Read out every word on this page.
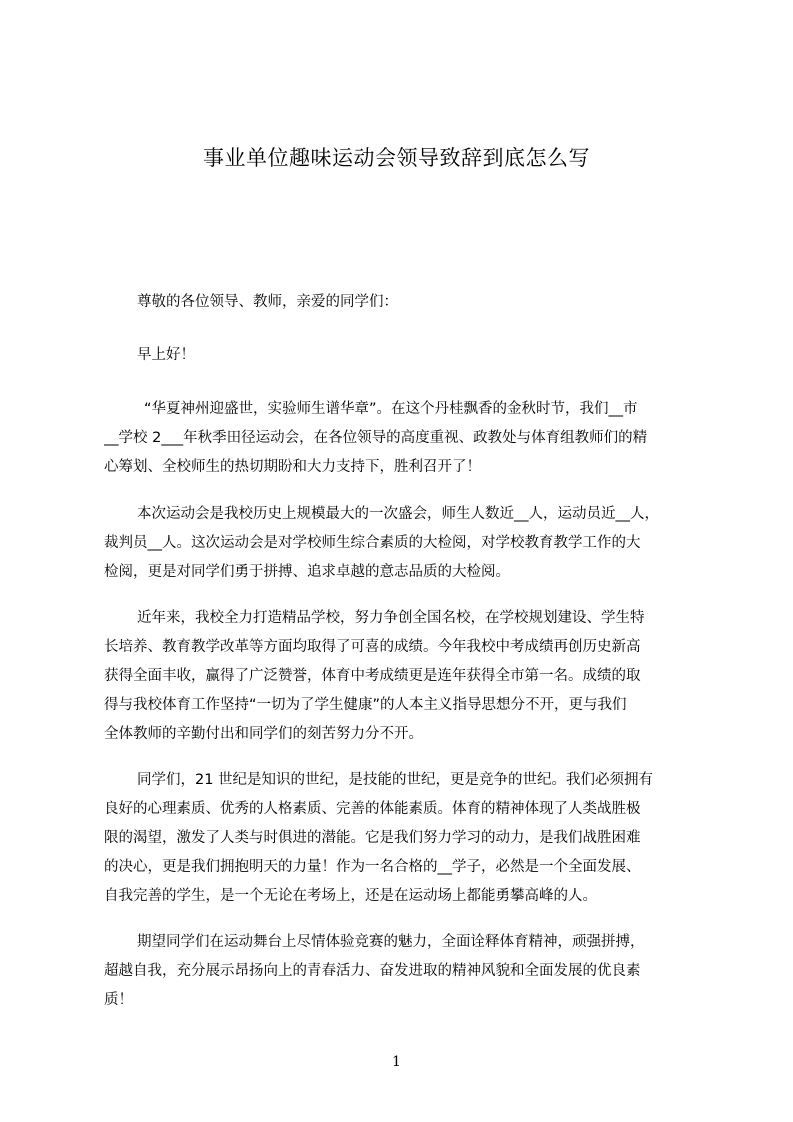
事业单位趣味运动会领导致辞到底怎么写
尊敬的各位领导、教师，亲爱的同学们：
早上好！
“华夏神州迎盛世，实验师生谱华章”。在这个丹桂飘香的金秋时节，我们__市
__学校 2___年秋季田径运动会，在各位领导的高度重视、政教处与体育组教师们的精
心筹划、全校师生的热切期盼和大力支持下，胜利召开了！
本次运动会是我校历史上规模最大的一次盛会，师生人数近__人，运动员近__人，
裁判员__人。这次运动会是对学校师生综合素质的大检阅，对学校教育教学工作的大
检阅，更是对同学们勇于拼搏、追求卓越的意志品质的大检阅。
近年来，我校全力打造精品学校，努力争创全国名校，在学校规划建设、学生特
长培养、教育教学改革等方面均取得了可喜的成绩。今年我校中考成绩再创历史新高
获得全面丰收，赢得了广泛赞誉，体育中考成绩更是连年获得全市第一名。成绩的取
得与我校体育工作坚持“一切为了学生健康”的人本主义指导思想分不开，更与我们
全体教师的辛勤付出和同学们的刻苦努力分不开。
同学们，21 世纪是知识的世纪，是技能的世纪，更是竞争的世纪。我们必须拥有
良好的心理素质、优秀的人格素质、完善的体能素质。体育的精神体现了人类战胜极
限的渴望，激发了人类与时俱进的潜能。它是我们努力学习的动力，是我们战胜困难
的决心，更是我们拥抱明天的力量！作为一名合格的__学子，必然是一个全面发展、
自我完善的学生，是一个无论在考场上，还是在运动场上都能勇攀高峰的人。
期望同学们在运动舞台上尽情体验竞赛的魅力，全面诠释体育精神，顽强拼搏，
超越自我，充分展示昂扬向上的青春活力、奋发进取的精神风貌和全面发展的优良素
质！
1
